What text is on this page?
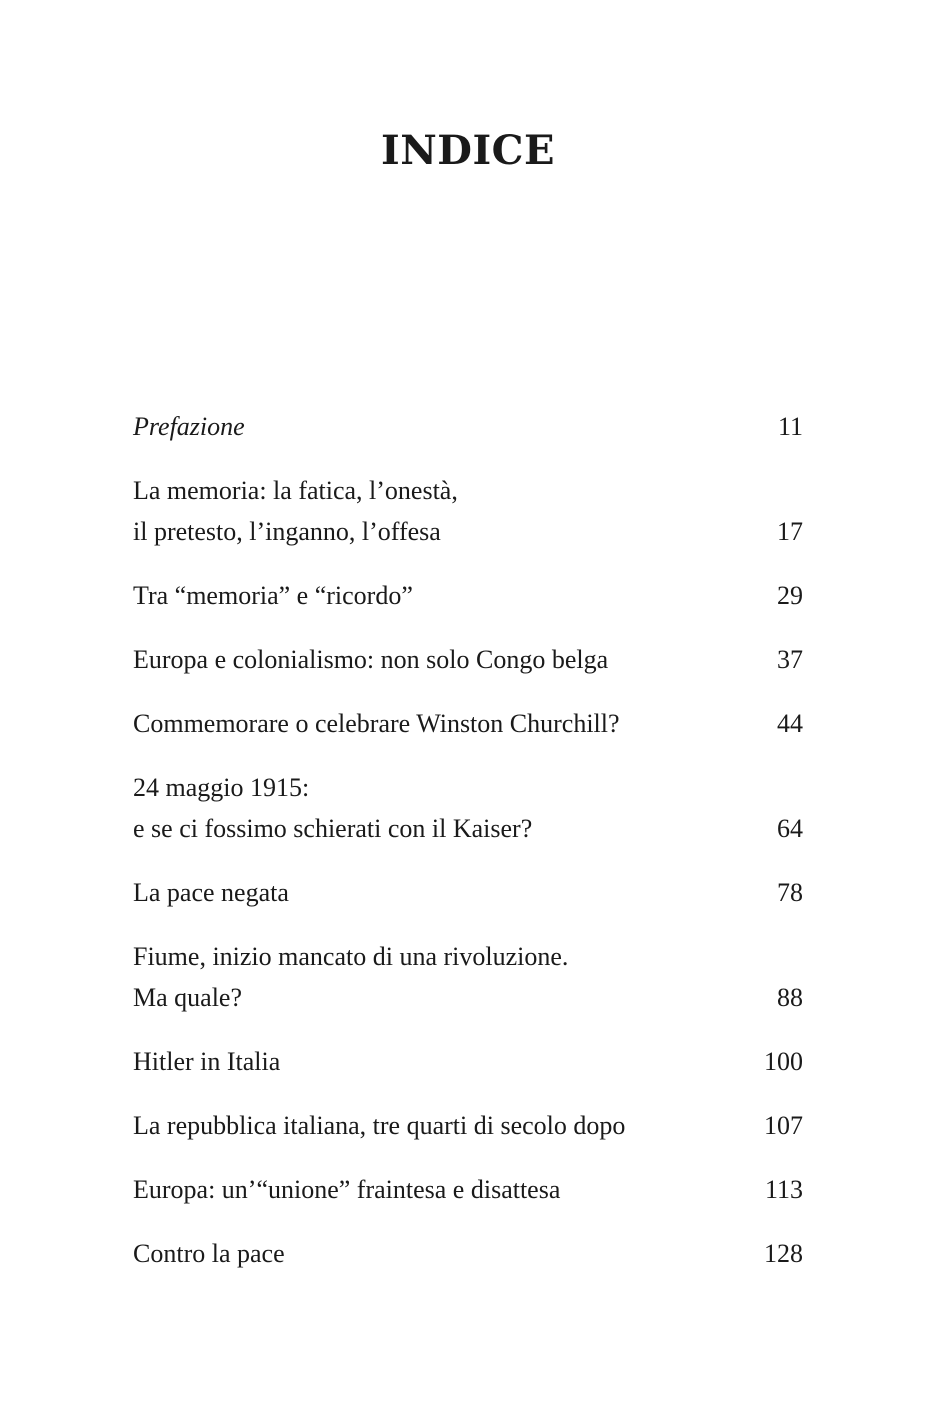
INDICE
Prefazione	11
La memoria: la fatica, l’onestà,
il pretesto, l’inganno, l’offesa	17
Tra “memoria” e “ricordo”	29
Europa e colonialismo: non solo Congo belga	37
Commemorare o celebrare Winston Churchill?	44
24 maggio 1915:
e se ci fossimo schierati con il Kaiser?	64
La pace negata	78
Fiume, inizio mancato di una rivoluzione.
Ma quale?	88
Hitler in Italia	100
La repubblica italiana, tre quarti di secolo dopo	107
Europa: un’“unione” fraintesa e disattesa	113
Contro la pace	128
